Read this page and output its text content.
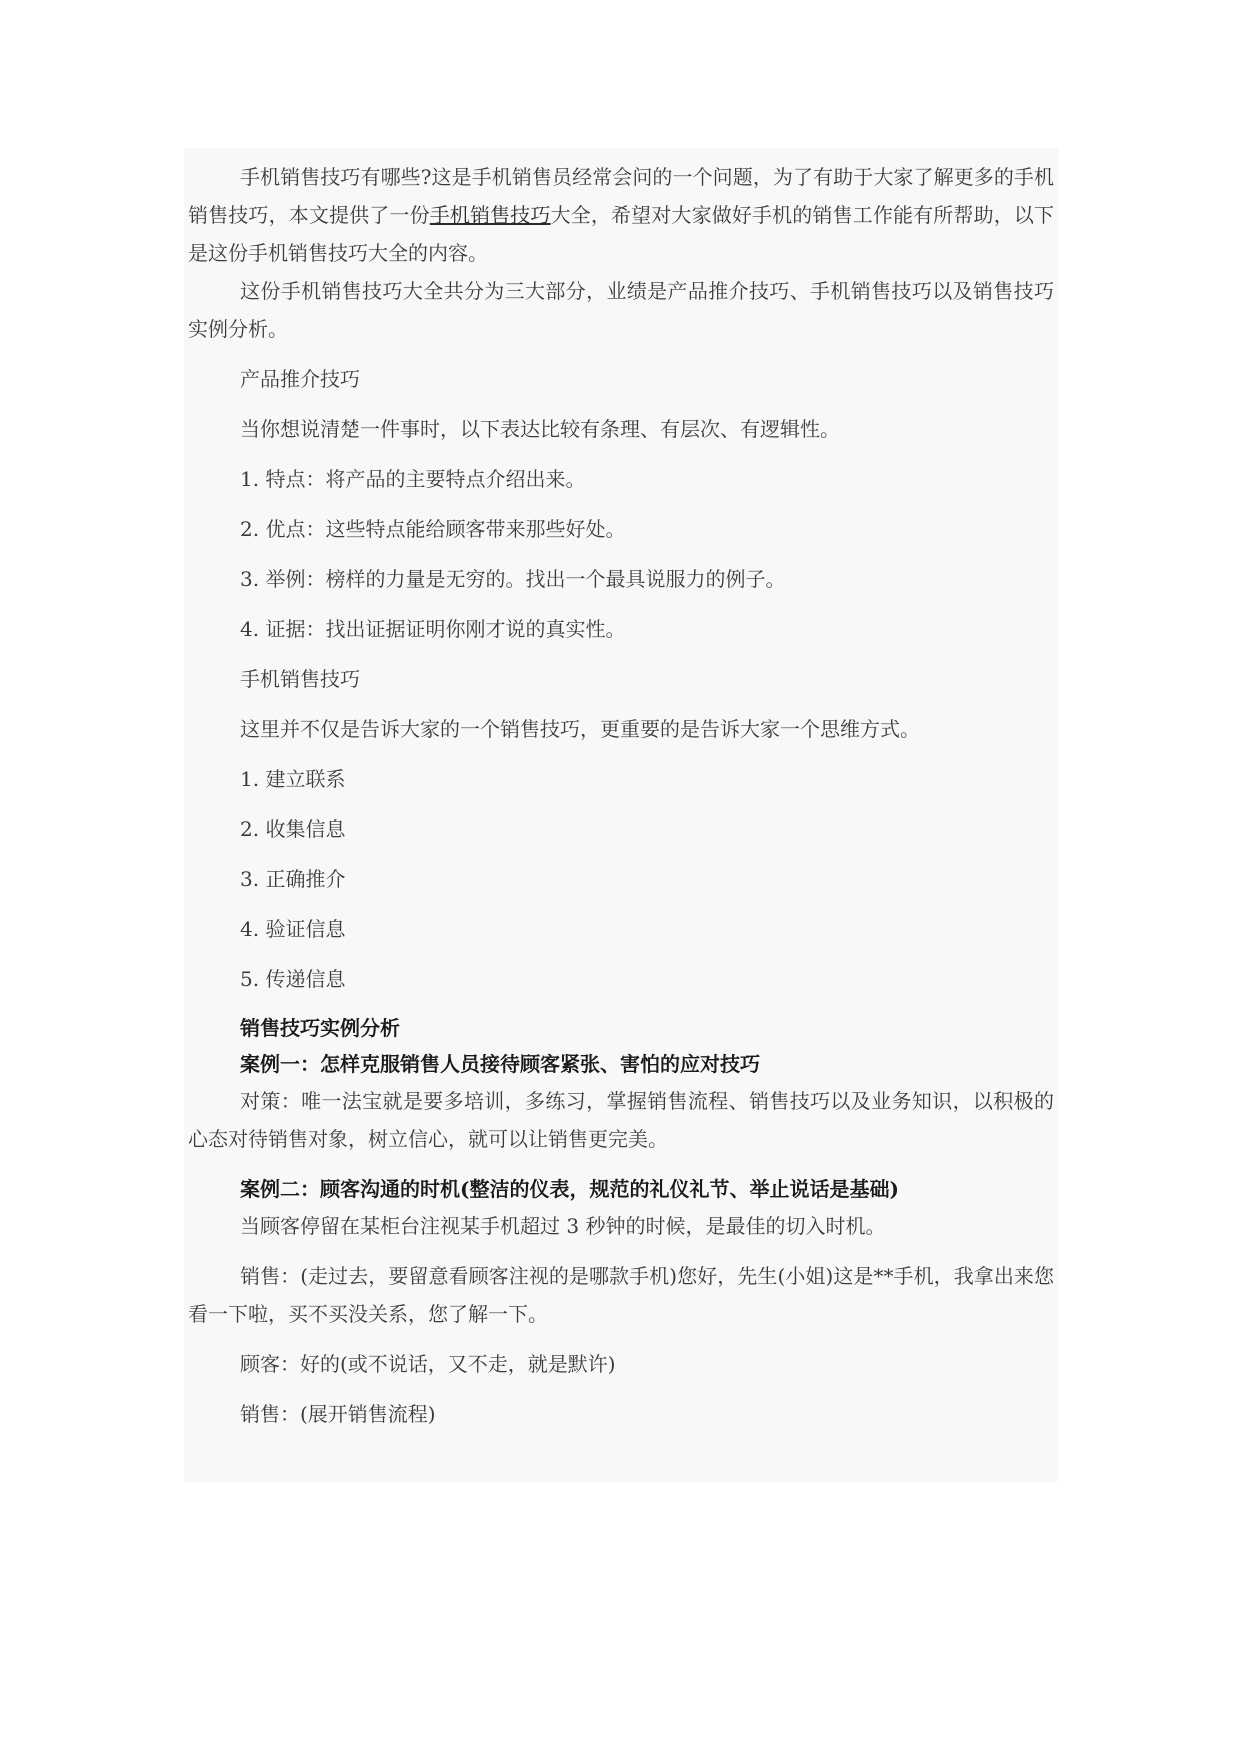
手机销售技巧有哪些?这是手机销售员经常会问的一个问题，为了有助于大家了解更多的手机销售技巧，本文提供了一份手机销售技巧大全，希望对大家做好手机的销售工作能有所帮助，以下是这份手机销售技巧大全的内容。

这份手机销售技巧大全共分为三大部分，业绩是产品推介技巧、手机销售技巧以及销售技巧实例分析。

产品推介技巧

当你想说清楚一件事时，以下表达比较有条理、有层次、有逻辑性。

1. 特点：将产品的主要特点介绍出来。

2. 优点：这些特点能给顾客带来那些好处。

3. 举例：榜样的力量是无穷的。找出一个最具说服力的例子。

4. 证据：找出证据证明你刚才说的真实性。

手机销售技巧

这里并不仅是告诉大家的一个销售技巧，更重要的是告诉大家一个思维方式。

1. 建立联系

2. 收集信息

3. 正确推介

4. 验证信息

5. 传递信息

销售技巧实例分析

案例一：怎样克服销售人员接待顾客紧张、害怕的应对技巧

对策：唯一法宝就是要多培训，多练习，掌握销售流程、销售技巧以及业务知识，以积极的心态对待销售对象，树立信心，就可以让销售更完美。

案例二：顾客沟通的时机(整洁的仪表，规范的礼仪礼节、举止说话是基础)

当顾客停留在某柜台注视某手机超过 3 秒钟的时候，是最佳的切入时机。

销售：(走过去，要留意看顾客注视的是哪款手机)您好，先生(小姐)这是**手机，我拿出来您看一下啦，买不买没关系，您了解一下。

顾客：好的(或不说话，又不走，就是默许)

销售：(展开销售流程)
